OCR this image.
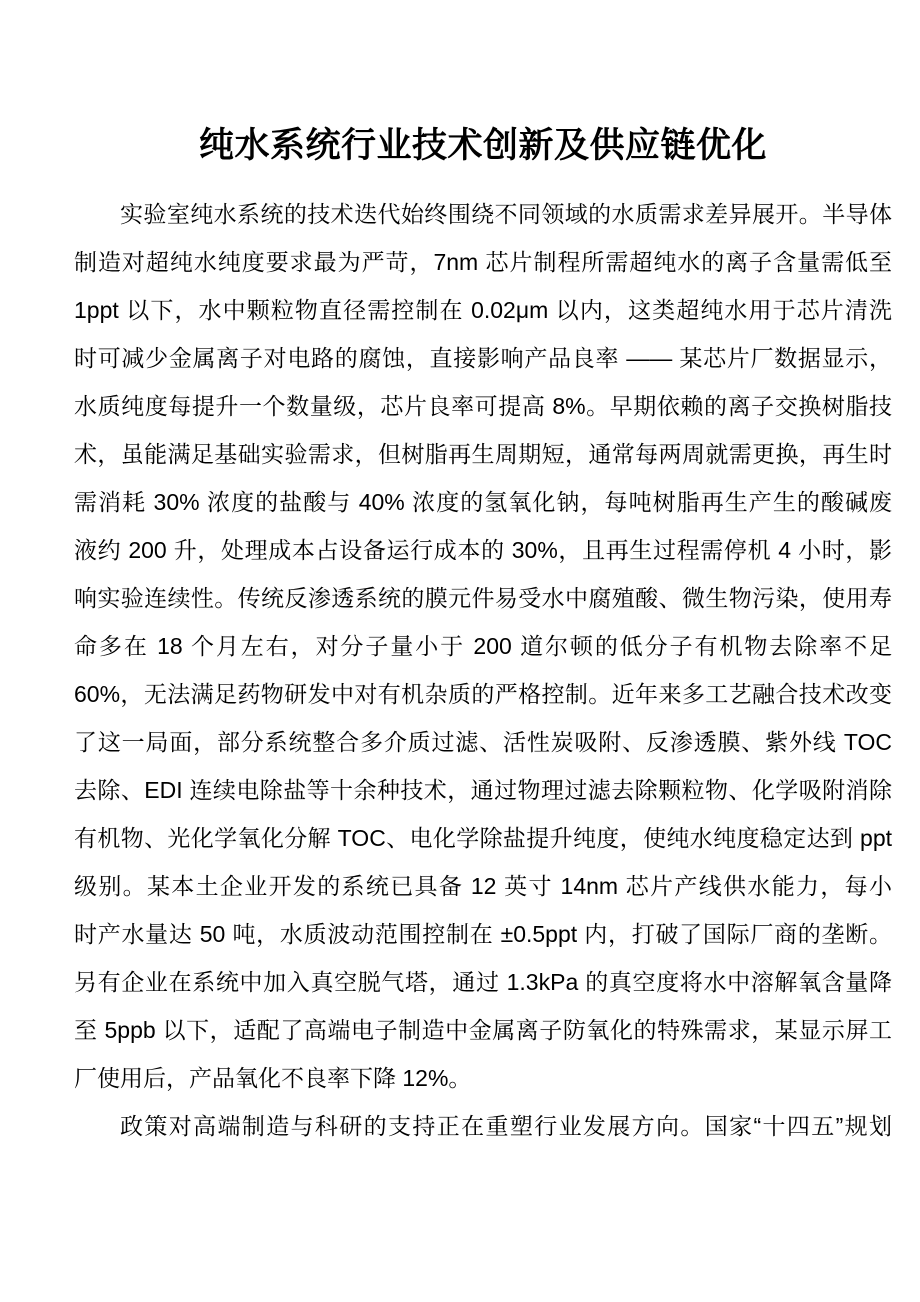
纯水系统行业技术创新及供应链优化
实验室纯水系统的技术迭代始终围绕不同领域的水质需求差异展开。半导体
制造对超纯水纯度要求最为严苛，7nm 芯片制程所需超纯水的离子含量需低至
1ppt 以下，水中颗粒物直径需控制在 0.02μm 以内，这类超纯水用于芯片清洗
时可减少金属离子对电路的腐蚀，直接影响产品良率 —— 某芯片厂数据显示，
水质纯度每提升一个数量级，芯片良率可提高 8%。早期依赖的离子交换树脂技
术，虽能满足基础实验需求，但树脂再生周期短，通常每两周就需更换，再生时
需消耗 30% 浓度的盐酸与 40% 浓度的氢氧化钠，每吨树脂再生产生的酸碱废
液约 200 升，处理成本占设备运行成本的 30%，且再生过程需停机 4 小时，影
响实验连续性。传统反渗透系统的膜元件易受水中腐殖酸、微生物污染，使用寿
命多在 18 个月左右，对分子量小于 200 道尔顿的低分子有机物去除率不足
60%，无法满足药物研发中对有机杂质的严格控制。近年来多工艺融合技术改变
了这一局面，部分系统整合多介质过滤、活性炭吸附、反渗透膜、紫外线 TOC
去除、EDI 连续电除盐等十余种技术，通过物理过滤去除颗粒物、化学吸附消除
有机物、光化学氧化分解 TOC、电化学除盐提升纯度，使纯水纯度稳定达到 ppt
级别。某本土企业开发的系统已具备 12 英寸 14nm 芯片产线供水能力，每小
时产水量达 50 吨，水质波动范围控制在 ±0.5ppt 内，打破了国际厂商的垄断。
另有企业在系统中加入真空脱气塔，通过 1.3kPa 的真空度将水中溶解氧含量降
至 5ppb 以下，适配了高端电子制造中金属离子防氧化的特殊需求，某显示屏工
厂使用后，产品氧化不良率下降 12%。
政策对高端制造与科研的支持正在重塑行业发展方向。国家“十四五”规划
